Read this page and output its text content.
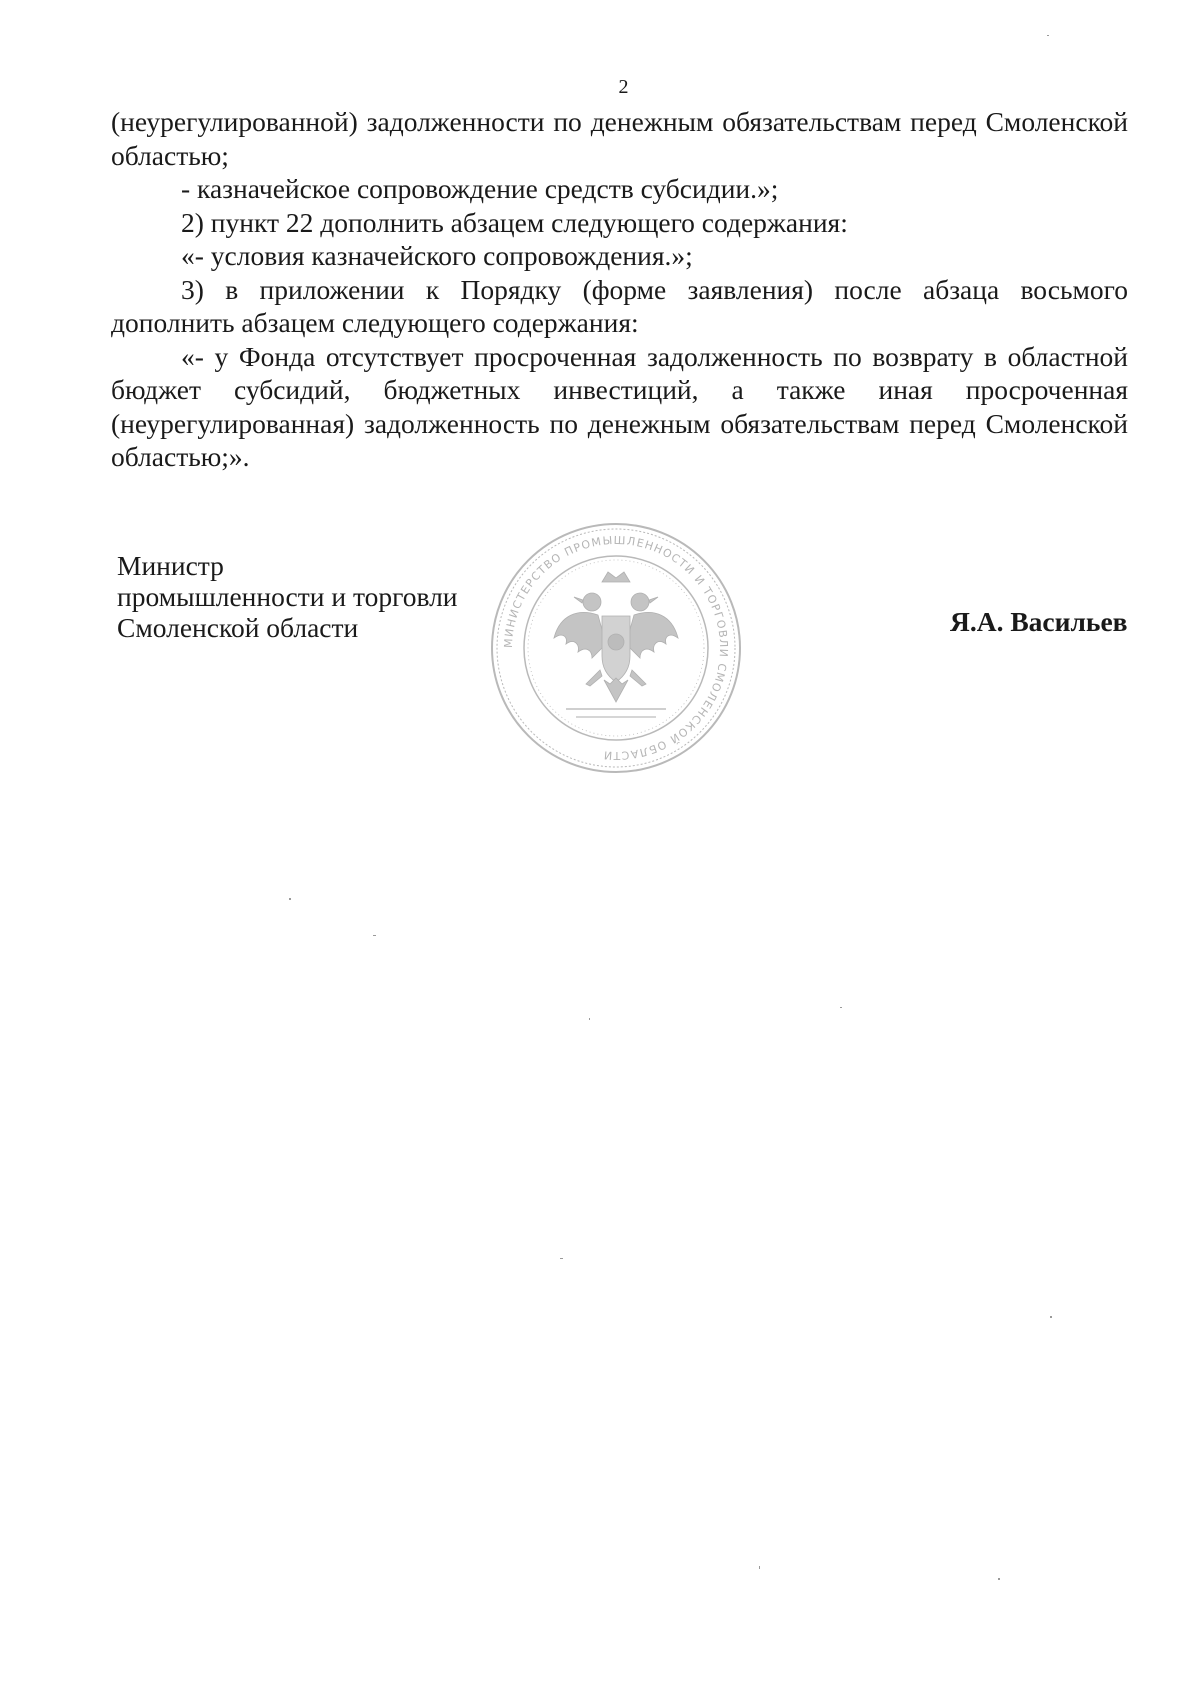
2

(неурегулированной) задолженности по денежным обязательствам перед Смоленской областью;

- казначейское сопровождение средств субсидии.»;

2) пункт 22 дополнить абзацем следующего содержания:

«- условия казначейского сопровождения.»;

3) в приложении к Порядку (форме заявления) после абзаца восьмого дополнить абзацем следующего содержания:

«- у Фонда отсутствует просроченная задолженность по возврату в областной бюджет субсидий, бюджетных инвестиций, а также иная просроченная (неурегулированная) задолженность по денежным обязательствам перед Смоленской областью;».

Министр
промышленности и торговли
Смоленской области	МИНИСТЕРСТВО ПРОМЫШЛЕННОСТИ И ТОРГОВЛИ СМОЛЕНСКОЙ ОБЛАСТИ
Я.А. Васильев
